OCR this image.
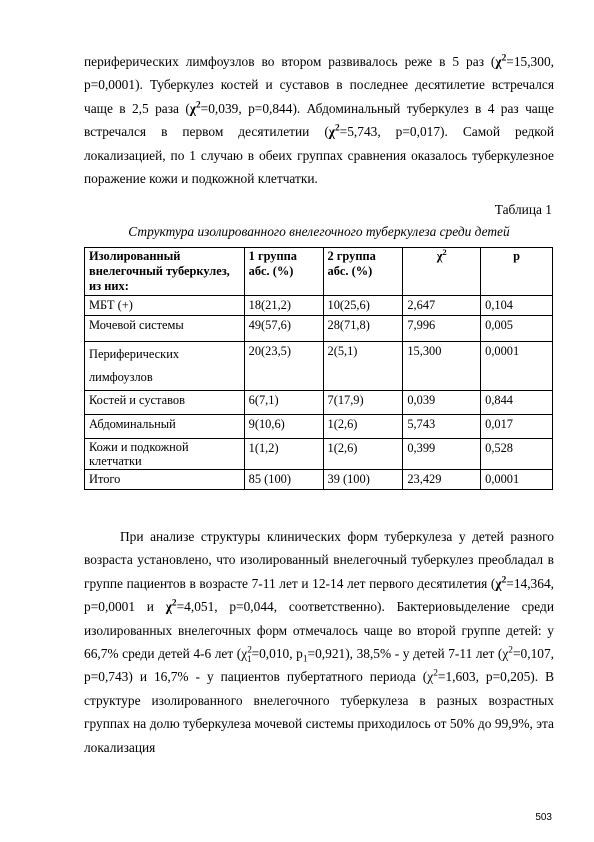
периферических лимфоузлов во втором развивалось реже в 5 раз ($\chi^2=15,300$, р=0,0001). Туберкулез костей и суставов в последнее десятилетие встречался чаще в 2,5 раза ($\chi^2=0,039$, р=0,844). Абдоминальный туберкулез в 4 раз чаще встречался в первом десятилетии ($\chi^2=5,743$, р=0,017). Самой редкой локализацией, по 1 случаю в обеих группах сравнения оказалось туберкулезное поражение кожи и подкожной клетчатки.

Таблица 1
Структура изолированного внелегочного туберкулеза среди детей
Изолированный внелегочный туберкулез, из них:	1 группа абс. (%)	2 группа абс. (%)	$\chi^2$	р
МБТ (+)	18(21,2)	10(25,6)	2,647	0,104
Мочевой системы	49(57,6)	28(71,8)	7,996	0,005
Периферических лимфоузлов	20(23,5)	2(5,1)	15,300	0,0001
Костей и суставов	6(7,1)	7(17,9)	0,039	0,844
Абдоминальный	9(10,6)	1(2,6)	5,743	0,017
Кожи и подкожной клетчатки	1(1,2)	1(2,6)	0,399	0,528
Итого	85 (100)	39 (100)	23,429	0,0001

При анализе структуры клинических форм туберкулеза у детей разного возраста установлено, что изолированный внелегочный туберкулез преобладал в группе пациентов в возрасте 7-11 лет и 12-14 лет первого десятилетия ($\chi^2=14,364$, р=0,0001 и $\chi^2=4,051$, р=0,044, соответственно). Бактериовыделение среди изолированных внелегочных форм отмечалось чаще во второй группе детей: у 66,7% среди детей 4-6 лет ($\chi^2_1=0,010$, $р_1=0,921$), 38,5% - у детей 7-11 лет ($\chi^2=0,107$, р=0,743) и 16,7% - у пациентов пубертатного периода ($\chi^2=1,603$, р=0,205). В структуре изолированного внелегочного туберкулеза в разных возрастных группах на долю туберкулеза мочевой системы приходилось от 50% до 99,9%, эта локализация

503
